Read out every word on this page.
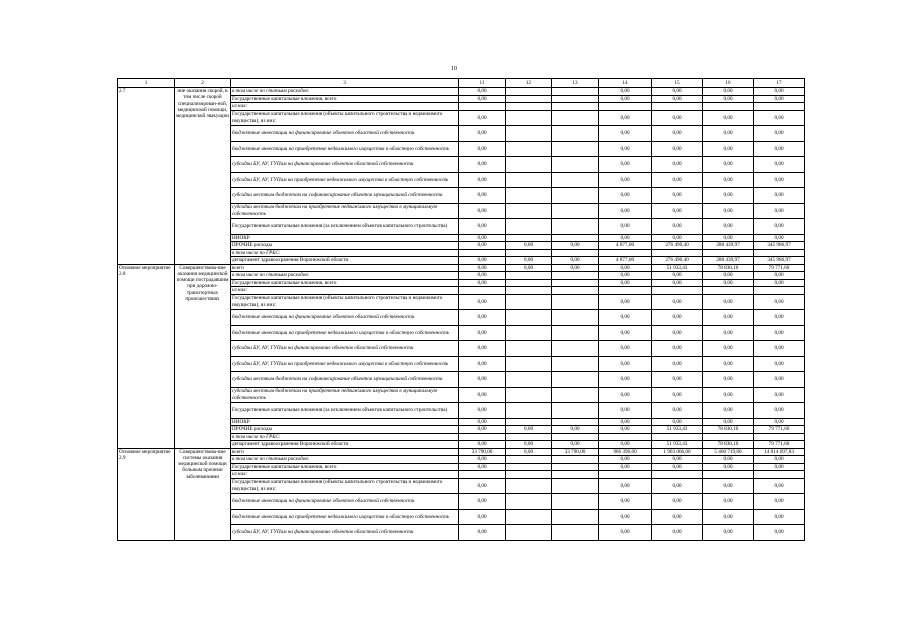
10
1	2	3	11	12	13	14	15	16	17
2.7	ние оказания скорой, в том числе скорой специализирован-ной, медицинской помощи, медицинской эвакуации	в том числе по статьям расходов:	0,00			0,00	0,00	0,00	0,00
		Государственные капитальные вложения, всего	0,00			0,00	0,00	0,00	0,00
		из них:							
		Государственные капитальные вложения (объекты капитального строительства и недвижимого имущества), из них:	0,00			0,00	0,00	0,00	0,00
		бюджетные инвестиции на финансирование объектов областной собственности	0,00			0,00	0,00	0,00	0,00
		бюджетные инвестиции на приобретение недвижимого имущества в областную собственность	0,00			0,00	0,00	0,00	0,00
		субсидии БУ, АУ, ГУПам на финансирование объектов областной собственности	0,00			0,00	0,00	0,00	0,00
		субсидии БУ, АУ, ГУПам на приобретение недвижимого имущества в областную собственность	0,00			0,00	0,00	0,00	0,00
		субсидии местным бюджетам на софинансирование объектов муниципальной собственности	0,00			0,00	0,00	0,00	0,00
		субсидии местным бюджетам на приобретение недвижимого имущества в муниципальную собственность	0,00			0,00	0,00	0,00	0,00
		Государственные капитальные вложения (за исключением объектов капитального строительства)	0,00			0,00	0,00	0,00	0,00
		НИОКР	0,00			0,00	0,00	0,00	0,00
		ПРОЧИЕ расходы	0,00	0,00	0,00	4 877,00	276 490,40	288 439,97	345 986,97
		в том числе по ГРБС:							
		департамент здравоохранения Воронежской области	0,00	0,00	0,00	4 877,00	276 490,40	288 439,97	345 986,97
Основное мероприятие 2.8	Совершенствова-ние оказания медицинской помощи пострадавшим при дорожно-транспортных происшествиях	всего	0,00	0,00	0,00	0,00	51 933,43	78 830,10	79 771,60
		в том числе по статьям расходов:	0,00			0,00	0,00	0,00	0,00
		Государственные капитальные вложения, всего	0,00			0,00	0,00	0,00	0,00
		из них:							
		Государственные капитальные вложения (объекты капитального строительства и недвижимого имущества), из них:	0,00			0,00	0,00	0,00	0,00
		бюджетные инвестиции на финансирование объектов областной собственности	0,00			0,00	0,00	0,00	0,00
		бюджетные инвестиции на приобретение недвижимого имущества в областную собственность	0,00			0,00	0,00	0,00	0,00
		субсидии БУ, АУ, ГУПам на финансирование объектов областной собственности	0,00			0,00	0,00	0,00	0,00
		субсидии БУ, АУ, ГУПам на приобретение недвижимого имущества в областную собственность	0,00			0,00	0,00	0,00	0,00
		субсидии местным бюджетам на софинансирование объектов муниципальной собственности	0,00			0,00	0,00	0,00	0,00
		субсидии местным бюджетам на приобретение недвижимого имущества в муниципальную собственность	0,00			0,00	0,00	0,00	0,00
		Государственные капитальные вложения (за исключением объектов капитального строительства)	0,00			0,00	0,00	0,00	0,00
		НИОКР	0,00			0,00	0,00	0,00	0,00
		ПРОЧИЕ расходы	0,00	0,00	0,00	0,00	51 933,43	78 830,10	79 771,60
		в том числе по ГРБС:							
		департамент здравоохранения Воронежской области	0,00	0,00	0,00	0,00	51 933,43	78 830,10	79 771,60
Основное мероприятие 2.9	Совершенствова-ние системы оказания медицинской помощи больным прочими заболеваниями	всего	33 790,00	0,00	33 790,00	966 396,00	1 903 066,00	5 460 719,80	14 014 697,83
		в том числе по статьям расходов:	0,00			0,00	0,00	0,00	0,00
		Государственные капитальные вложения, всего	0,00			0,00	0,00	0,00	0,00
		из них:							
		Государственные капитальные вложения (объекты капитального строительства и недвижимого имущества), из них:	0,00			0,00	0,00	0,00	0,00
		бюджетные инвестиции на финансирование объектов областной собственности	0,00			0,00	0,00	0,00	0,00
		бюджетные инвестиции на приобретение недвижимого имущества в областную собственность	0,00			0,00	0,00	0,00	0,00
		субсидии БУ, АУ, ГУПам на финансирование объектов областной собственности	0,00			0,00	0,00	0,00	0,00
